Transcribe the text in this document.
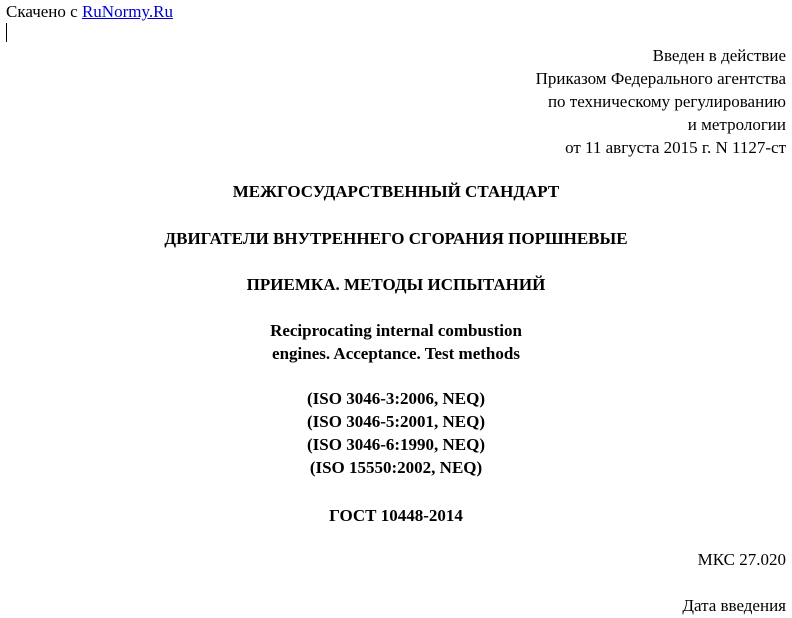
Скачено с RuNormy.Ru
Введен в действие
Приказом Федерального агентства
по техническому регулированию
и метрологии
от 11 августа 2015 г. N 1127-ст
МЕЖГОСУДАРСТВЕННЫЙ СТАНДАРТ
ДВИГАТЕЛИ ВНУТРЕННЕГО СГОРАНИЯ ПОРШНЕВЫЕ
ПРИЕМКА. МЕТОДЫ ИСПЫТАНИЙ
Reciprocating internal combustion
engines. Acceptance. Test methods
(ISO 3046-3:2006, NEQ)
(ISO 3046-5:2001, NEQ)
(ISO 3046-6:1990, NEQ)
(ISO 15550:2002, NEQ)
ГОСТ 10448-2014
МКС 27.020
Дата введения
